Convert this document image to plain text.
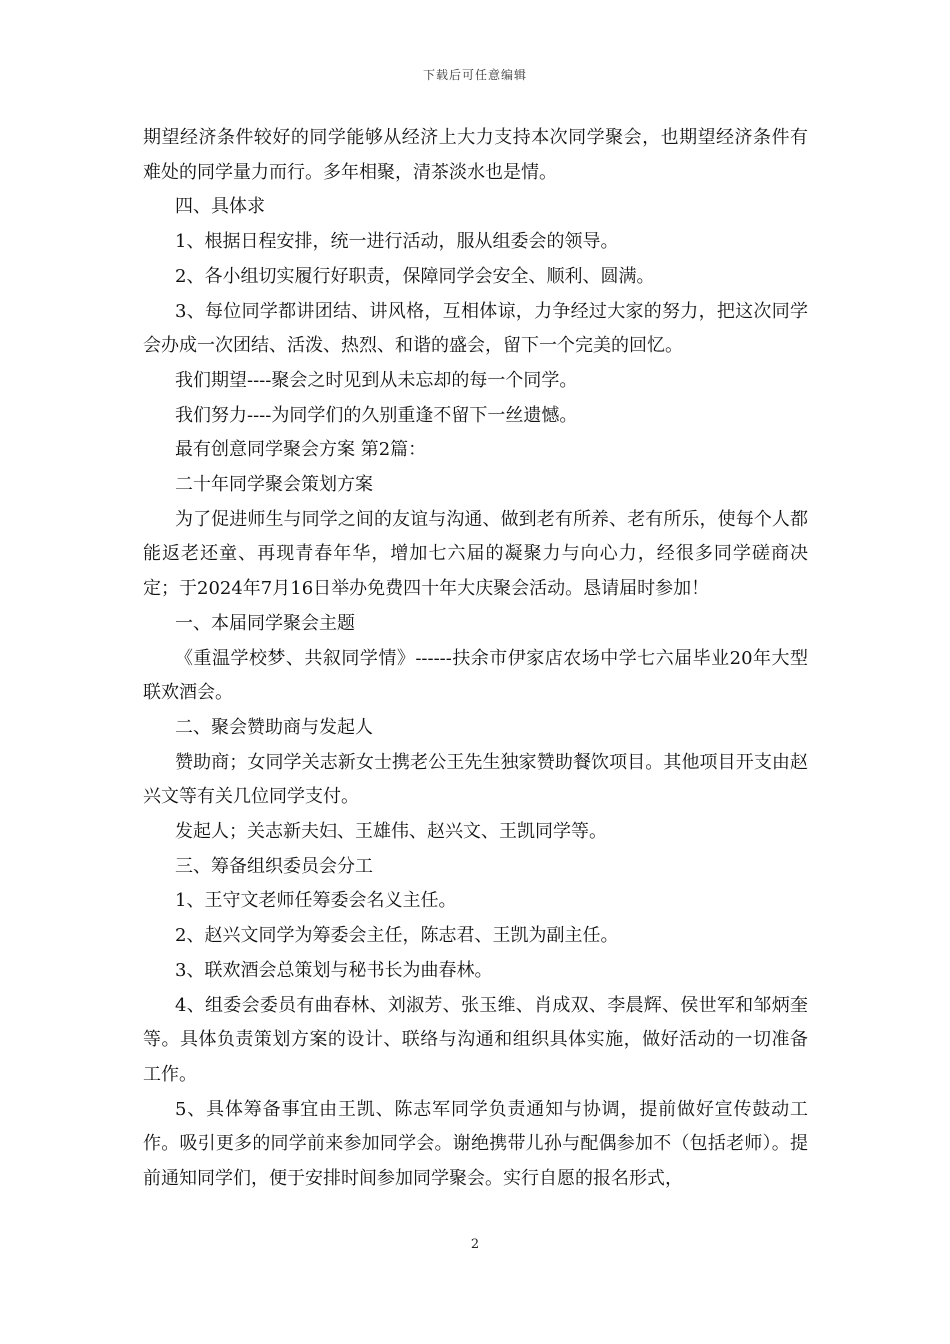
下载后可任意编辑

期望经济条件较好的同学能够从经济上大力支持本次同学聚会，也期望经济条件有难处的同学量力而行。多年相聚，清茶淡水也是情。

四、具体求

1、根据日程安排，统一进行活动，服从组委会的领导。

2、各小组切实履行好职责，保障同学会安全、顺利、圆满。

3、每位同学都讲团结、讲风格，互相体谅，力争经过大家的努力，把这次同学会办成一次团结、活泼、热烈、和谐的盛会，留下一个完美的回忆。

我们期望----聚会之时见到从未忘却的每一个同学。

我们努力----为同学们的久别重逢不留下一丝遗憾。

最有创意同学聚会方案 第2篇：

二十年同学聚会策划方案

为了促进师生与同学之间的友谊与沟通、做到老有所养、老有所乐，使每个人都能返老还童、再现青春年华，增加七六届的凝聚力与向心力，经很多同学磋商决定；于2024年7月16日举办免费四十年大庆聚会活动。恳请届时参加！

一、本届同学聚会主题

《重温学校梦、共叙同学情》------扶余市伊家店农场中学七六届毕业20年大型联欢酒会。

二、聚会赞助商与发起人

赞助商；女同学关志新女士携老公王先生独家赞助餐饮项目。其他项目开支由赵兴文等有关几位同学支付。

发起人；关志新夫妇、王雄伟、赵兴文、王凯同学等。

三、筹备组织委员会分工

1、王守文老师任筹委会名义主任。

2、赵兴文同学为筹委会主任，陈志君、王凯为副主任。

3、联欢酒会总策划与秘书长为曲春林。

4、组委会委员有曲春林、刘淑芳、张玉维、肖成双、李晨辉、侯世军和邹炳奎等。具体负责策划方案的设计、联络与沟通和组织具体实施，做好活动的一切准备工作。

5、具体筹备事宜由王凯、陈志军同学负责通知与协调，提前做好宣传鼓动工作。吸引更多的同学前来参加同学会。谢绝携带儿孙与配偶参加不（包括老师）。提前通知同学们，便于安排时间参加同学聚会。实行自愿的报名形式，

2
